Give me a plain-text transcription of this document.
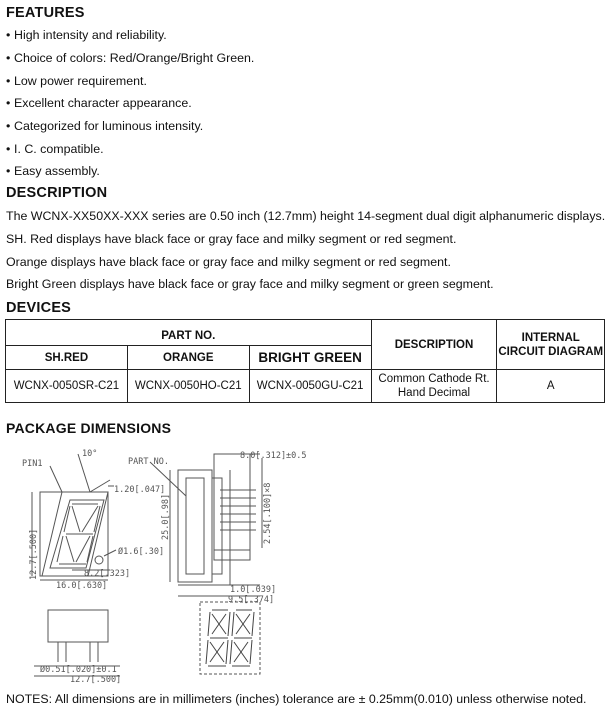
FEATURES
• High intensity and reliability.
• Choice of colors: Red/Orange/Bright Green.
• Low power requirement.
• Excellent character appearance.
• Categorized for luminous intensity.
• I. C. compatible.
• Easy assembly.
DESCRIPTION
The WCNX-XX50XX-XXX series are 0.50 inch (12.7mm) height 14-segment dual digit alphanumeric displays.
SH. Red displays have black face or gray face and milky segment or red segment.
Orange displays have black face or gray face and milky segment or red segment.
Bright Green displays have black face or gray face and milky segment or green segment.
DEVICES
PART NO.			DESCRIPTION	INTERNAL CIRCUIT DIAGRAM
SH.RED	ORANGE	BRIGHT GREEN		
WCNX-0050SR-C21	WCNX-0050HO-C21	WCNX-0050GU-C21	Common Cathode Rt.
Hand Decimal	A
PACKAGE DIMENSIONS
PIN1
10°
1.20[.047]
Ø1.6[.30]
8.2[.323]
16.0[.630]
PART NO.
8.0[.312]±0.5
1.0[.039]
9.5[.374]
Ø0.51[.020]±0.1
12.7[.500]
12.7[.500]
25.0[.98]	2.54[.100]×8
NOTES: All dimensions are in millimeters (inches) tolerance are ± 0.25mm(0.010) unless otherwise noted.
